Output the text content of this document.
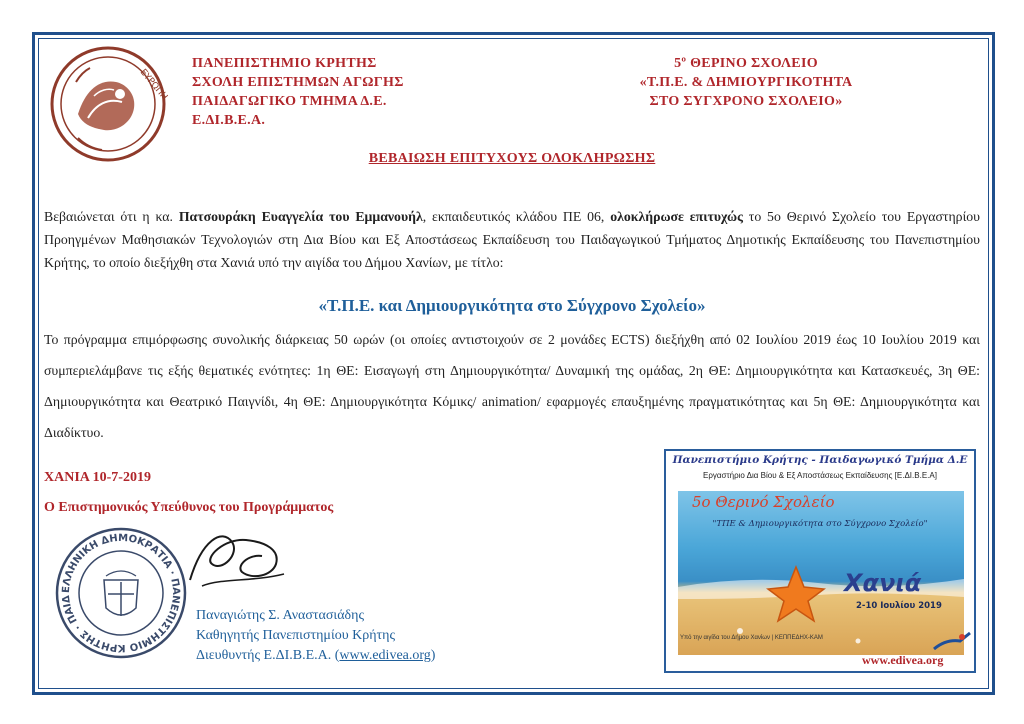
ΕΥΡΩΠΗ
ΠΑΝΕΠΙΣΤΗΜΙΟ ΚΡΗΤΗΣ
ΣΧΟΛΗ ΕΠΙΣΤΗΜΩΝ ΑΓΩΓΗΣ
ΠΑΙΔΑΓΩΓΙΚΟ ΤΜΗΜΑ Δ.Ε.
Ε.ΔΙ.Β.Ε.Α.
5º ΘΕΡΙΝΟ ΣΧΟΛΕΙΟ
«Τ.Π.Ε. & ΔΗΜΙΟΥΡΓΙΚΟΤΗΤΑ
ΣΤΟ ΣΥΓΧΡΟΝΟ ΣΧΟΛΕΙΟ»
ΒΕΒΑΙΩΣΗ ΕΠΙΤΥΧΟΥΣ ΟΛΟΚΛΗΡΩΣΗΣ
Βεβαιώνεται ότι η κα. Πατσουράκη Ευαγγελία του Εμμανουήλ, εκπαιδευτικός κλάδου ΠΕ 06, ολοκλήρωσε επιτυχώς το 5ο Θερινό Σχολείο του Εργαστηρίου Προηγμένων Μαθησιακών Τεχνολογιών στη Δια Βίου και Εξ Αποστάσεως Εκπαίδευση του Παιδαγωγικού Τμήματος Δημοτικής Εκπαίδευσης του Πανεπιστημίου Κρήτης, το οποίο διεξήχθη στα Χανιά υπό την αιγίδα του Δήμου Χανίων, με τίτλο:
«Τ.Π.Ε. και Δημιουργικότητα στο Σύγχρονο Σχολείο»
Το πρόγραμμα επιμόρφωσης συνολικής διάρκειας 50 ωρών (οι οποίες αντιστοιχούν σε 2 μονάδες ECTS) διεξήχθη από 02 Ιουλίου 2019 έως 10 Ιουλίου 2019 και συμπεριελάμβανε τις εξής θεματικές ενότητες: 1η ΘΕ: Εισαγωγή στη Δημιουργικότητα/ Δυναμική της ομάδας, 2η ΘΕ: Δημιουργικότητα και Κατασκευές, 3η ΘΕ: Δημιουργικότητα και Θεατρικό Παιγνίδι, 4η ΘΕ: Δημιουργικότητα Κόμικς/ animation/ εφαρμογές επαυξημένης πραγματικότητας και 5η ΘΕ: Δημιουργικότητα και Διαδίκτυο.
ΧΑΝΙΑ 10-7-2019
Ο Επιστημονικός Υπεύθυνος του Προγράμματος
ΕΛΛΗΝΙΚΗ ΔΗΜΟΚΡΑΤΙΑ · ΠΑΝΕΠΙΣΤΗΜΙΟ ΚΡΗΤΗΣ · ΠΑΙΔ
Παναγιώτης Σ. Αναστασιάδης
Καθηγητής Πανεπιστημίου Κρήτης
Διευθυντής Ε.ΔΙ.Β.Ε.Α. (www.edivea.org)
Πανεπιστήμιο Κρήτης - Παιδαγωγικό Τμήμα Δ.Ε
Εργαστήριο Δια Βίου & Εξ Αποστάσεως Εκπαίδευσης [Ε.ΔΙ.Β.Ε.Α]
5ο Θερινό Σχολείο
"ΤΠΕ & Δημιουργικότητα στο Σύγχρονο Σχολείο"
Χανιά
2-10 Ιουλίου 2019
Υπό την αιγίδα του Δήμου Χανίων | ΚΕΠΠΕΔΗΧ-ΚΑΜ
www.edivea.org
